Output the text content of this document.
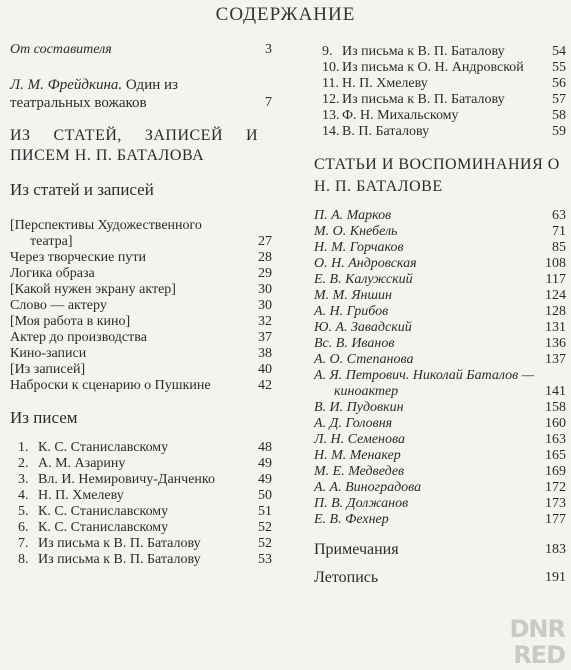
СОДЕРЖАНИЕ
От составителя	3
Л. М. Фрейдкина. Один из театральных вожаков	7
ИЗ СТАТЕЙ, ЗАПИСЕЙ И ПИСЕМ Н. П. БАТАЛОВА
Из статей и записей
[Перспективы Художественного театра]	27
Через творческие пути	28
Логика образа	29
[Какой нужен экрану актер]	30
Слово — актеру	30
[Моя работа в кино]	32
Актер до производства	37
Кино-записи	38
[Из записей]	40
Наброски к сценарию о Пушкине	42
Из писем
1. К. С. Станиславскому	48
2. А. М. Азарину	49
3. Вл. И. Немировичу-Данченко	49
4. Н. П. Хмелеву	50
5. К. С. Станиславскому	51
6. К. С. Станиславскому	52
7. Из письма к В. П. Баталову	52
8. Из письма к В. П. Баталову	53
9. Из письма к В. П. Баталову	54
10. Из письма к О. Н. Андровской	55
11. Н. П. Хмелеву	56
12. Из письма к В. П. Баталову	57
13. Ф. Н. Михальскому	58
14. В. П. Баталову	59
СТАТЬИ И ВОСПОМИНАНИЯ О Н. П. БАТАЛОВЕ
П. А. Марков	63
М. О. Кнебель	71
Н. М. Горчаков	85
О. Н. Андровская	108
Е. В. Калужский	117
М. М. Яншин	124
А. Н. Грибов	128
Ю. А. Завадский	131
Вс. В. Иванов	136
А. О. Степанова	137
А. Я. Петрович. Николай Баталов — киноактер	141
В. И. Пудовкин	158
А. Д. Головня	160
Л. Н. Семенова	163
Н. М. Менакер	165
М. Е. Медведев	169
А. А. Виноградова	172
П. В. Должанов	173
Е. В. Фехнер	177
Примечания	183
Летопись	191
DNR
RED
